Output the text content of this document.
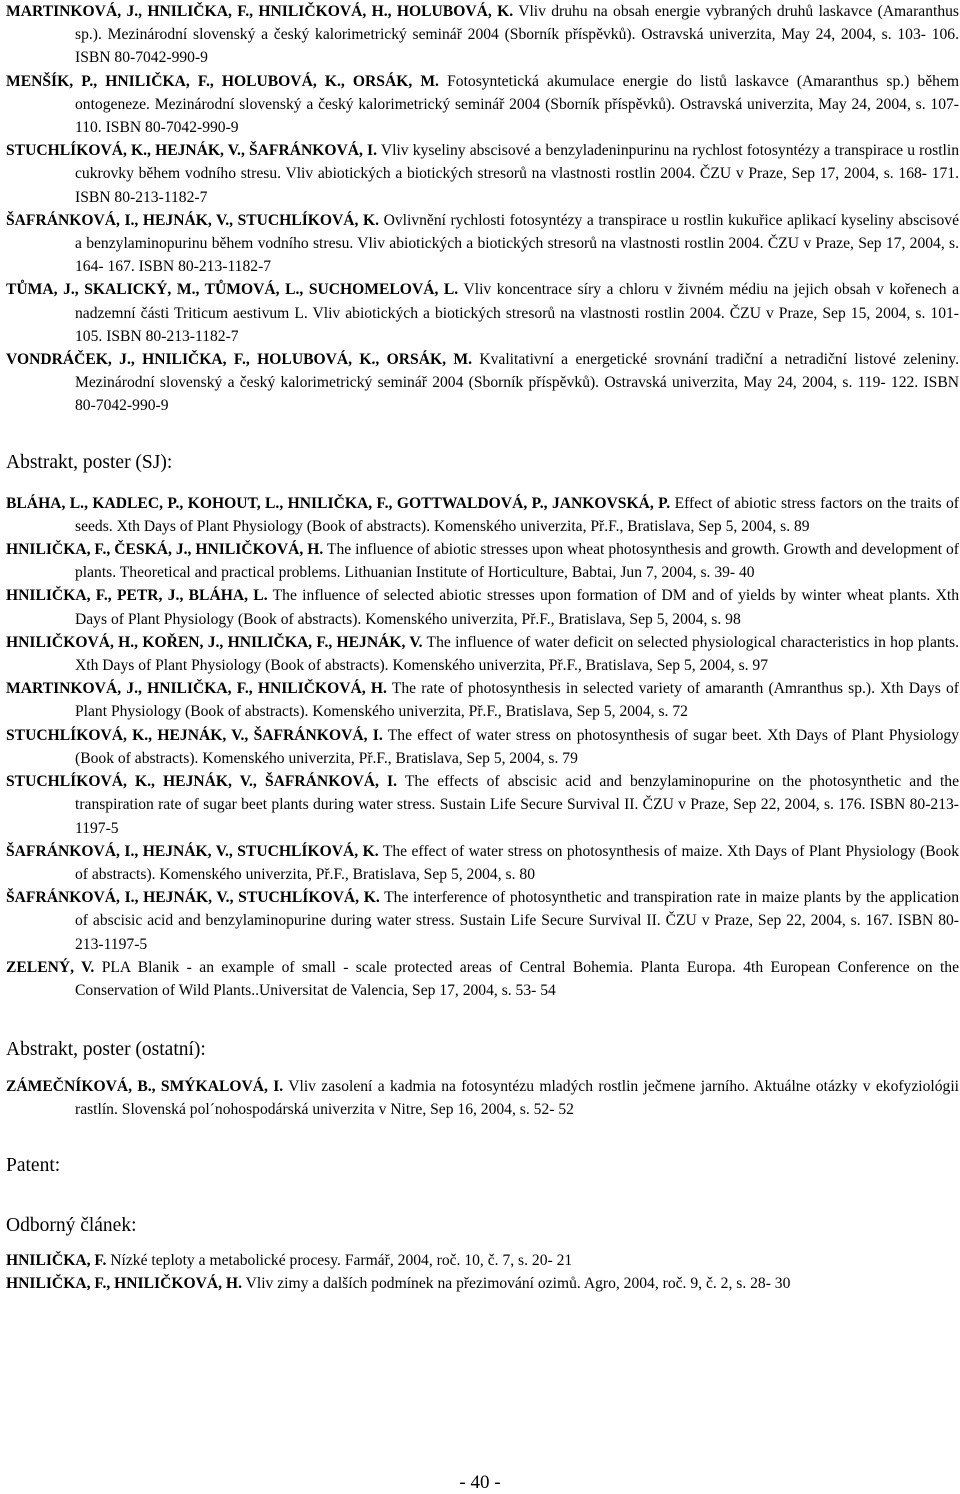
MARTINKOVÁ, J., HNILIČKA, F., HNILIČKOVÁ, H., HOLUBOVÁ, K. Vliv druhu na obsah energie vybraných druhů laskavce (Amaranthus sp.). Mezinárodní slovenský a český kalorimetrický seminář 2004 (Sborník příspěvků). Ostravská univerzita, May 24, 2004, s. 103- 106. ISBN 80-7042-990-9
MENŠÍK, P., HNILIČKA, F., HOLUBOVÁ, K., ORSÁK, M. Fotosyntetická akumulace energie do listů laskavce (Amaranthus sp.) během ontogeneze. Mezinárodní slovenský a český kalorimetrický seminář 2004 (Sborník příspěvků). Ostravská univerzita, May 24, 2004, s. 107- 110. ISBN 80-7042-990-9
STUCHLÍKOVÁ, K., HEJNÁK, V., ŠAFRÁNKOVÁ, I. Vliv kyseliny abscisové a benzyladeninpurinu na rychlost fotosyntézy a transpirace u rostlin cukrovky během vodního stresu. Vliv abiotických a biotických stresorů na vlastnosti rostlin 2004. ČZU v Praze, Sep 17, 2004, s. 168- 171. ISBN 80-213-1182-7
ŠAFRÁNKOVÁ, I., HEJNÁK, V., STUCHLÍKOVÁ, K. Ovlivnění rychlosti fotosyntézy a transpirace u rostlin kukuřice aplikací kyseliny abscisové a benzylaminopurinu během vodního stresu. Vliv abiotických a biotických stresorů na vlastnosti rostlin 2004. ČZU v Praze, Sep 17, 2004, s. 164- 167. ISBN 80-213-1182-7
TŮMA, J., SKALICKÝ, M., TŮMOVÁ, L., SUCHOMELOVÁ, L. Vliv koncentrace síry a chloru v živném médiu na jejich obsah v kořenech a nadzemní části Triticum aestivum L. Vliv abiotických a biotických stresorů na vlastnosti rostlin 2004. ČZU v Praze, Sep 15, 2004, s. 101- 105. ISBN 80-213-1182-7
VONDRÁČEK, J., HNILIČKA, F., HOLUBOVÁ, K., ORSÁK, M. Kvalitativní a energetické srovnání tradiční a netradiční listové zeleniny. Mezinárodní slovenský a český kalorimetrický seminář 2004 (Sborník příspěvků). Ostravská univerzita, May 24, 2004, s. 119- 122. ISBN 80-7042-990-9
Abstrakt, poster (SJ):
BLÁHA, L., KADLEC, P., KOHOUT, L., HNILIČKA, F., GOTTWALDOVÁ, P., JANKOVSKÁ, P. Effect of abiotic stress factors on the traits of seeds. Xth Days of Plant Physiology (Book of abstracts). Komenského univerzita, Př.F., Bratislava, Sep 5, 2004, s. 89
HNILIČKA, F., ČESKÁ, J., HNILIČKOVÁ, H. The influence of abiotic stresses upon wheat photosynthesis and growth. Growth and development of plants. Theoretical and practical problems. Lithuanian Institute of Horticulture, Babtai, Jun 7, 2004, s. 39- 40
HNILIČKA, F., PETR, J., BLÁHA, L. The influence of selected abiotic stresses upon formation of DM and of yields by winter wheat plants. Xth Days of Plant Physiology (Book of abstracts). Komenského univerzita, Př.F., Bratislava, Sep 5, 2004, s. 98
HNILIČKOVÁ, H., KOŘEN, J., HNILIČKA, F., HEJNÁK, V. The influence of water deficit on selected physiological characteristics in hop plants. Xth Days of Plant Physiology (Book of abstracts). Komenského univerzita, Př.F., Bratislava, Sep 5, 2004, s. 97
MARTINKOVÁ, J., HNILIČKA, F., HNILIČKOVÁ, H. The rate of photosynthesis in selected variety of amaranth (Amranthus sp.). Xth Days of Plant Physiology (Book of abstracts). Komenského univerzita, Př.F., Bratislava, Sep 5, 2004, s. 72
STUCHLÍKOVÁ, K., HEJNÁK, V., ŠAFRÁNKOVÁ, I. The effect of water stress on photosynthesis of sugar beet. Xth Days of Plant Physiology (Book of abstracts). Komenského univerzita, Př.F., Bratislava, Sep 5, 2004, s. 79
STUCHLÍKOVÁ, K., HEJNÁK, V., ŠAFRÁNKOVÁ, I. The effects of abscisic acid and benzylaminopurine on the photosynthetic and the transpiration rate of sugar beet plants during water stress. Sustain Life Secure Survival II. ČZU v Praze, Sep 22, 2004, s. 176. ISBN 80-213-1197-5
ŠAFRÁNKOVÁ, I., HEJNÁK, V., STUCHLÍKOVÁ, K. The effect of water stress on photosynthesis of maize. Xth Days of Plant Physiology (Book of abstracts). Komenského univerzita, Př.F., Bratislava, Sep 5, 2004, s. 80
ŠAFRÁNKOVÁ, I., HEJNÁK, V., STUCHLÍKOVÁ, K. The interference of photosynthetic and transpiration rate in maize plants by the application of abscisic acid and benzylaminopurine during water stress. Sustain Life Secure Survival II. ČZU v Praze, Sep 22, 2004, s. 167. ISBN 80-213-1197-5
ZELENÝ, V. PLA Blanik - an example of small - scale protected areas of Central Bohemia. Planta Europa. 4th European Conference on the Conservation of Wild Plants..Universitat de Valencia, Sep 17, 2004, s. 53- 54
Abstrakt, poster (ostatní):
ZÁMEČNÍKOVÁ, B., SMÝKALOVÁ, I. Vliv zasolení a kadmia na fotosyntézu mladých rostlin ječmene jarního. Aktuálne otázky v ekofyziológii rastlín. Slovenská pol´nohospodárská univerzita v Nitre, Sep 16, 2004, s. 52- 52
Patent:
Odborný článek:
HNILIČKA, F. Nízké teploty a metabolické procesy. Farmář, 2004, roč. 10, č. 7, s. 20- 21
HNILIČKA, F., HNILIČKOVÁ, H. Vliv zimy a dalších podmínek na přezimování ozimů. Agro, 2004, roč. 9, č. 2, s. 28- 30
- 40 -
